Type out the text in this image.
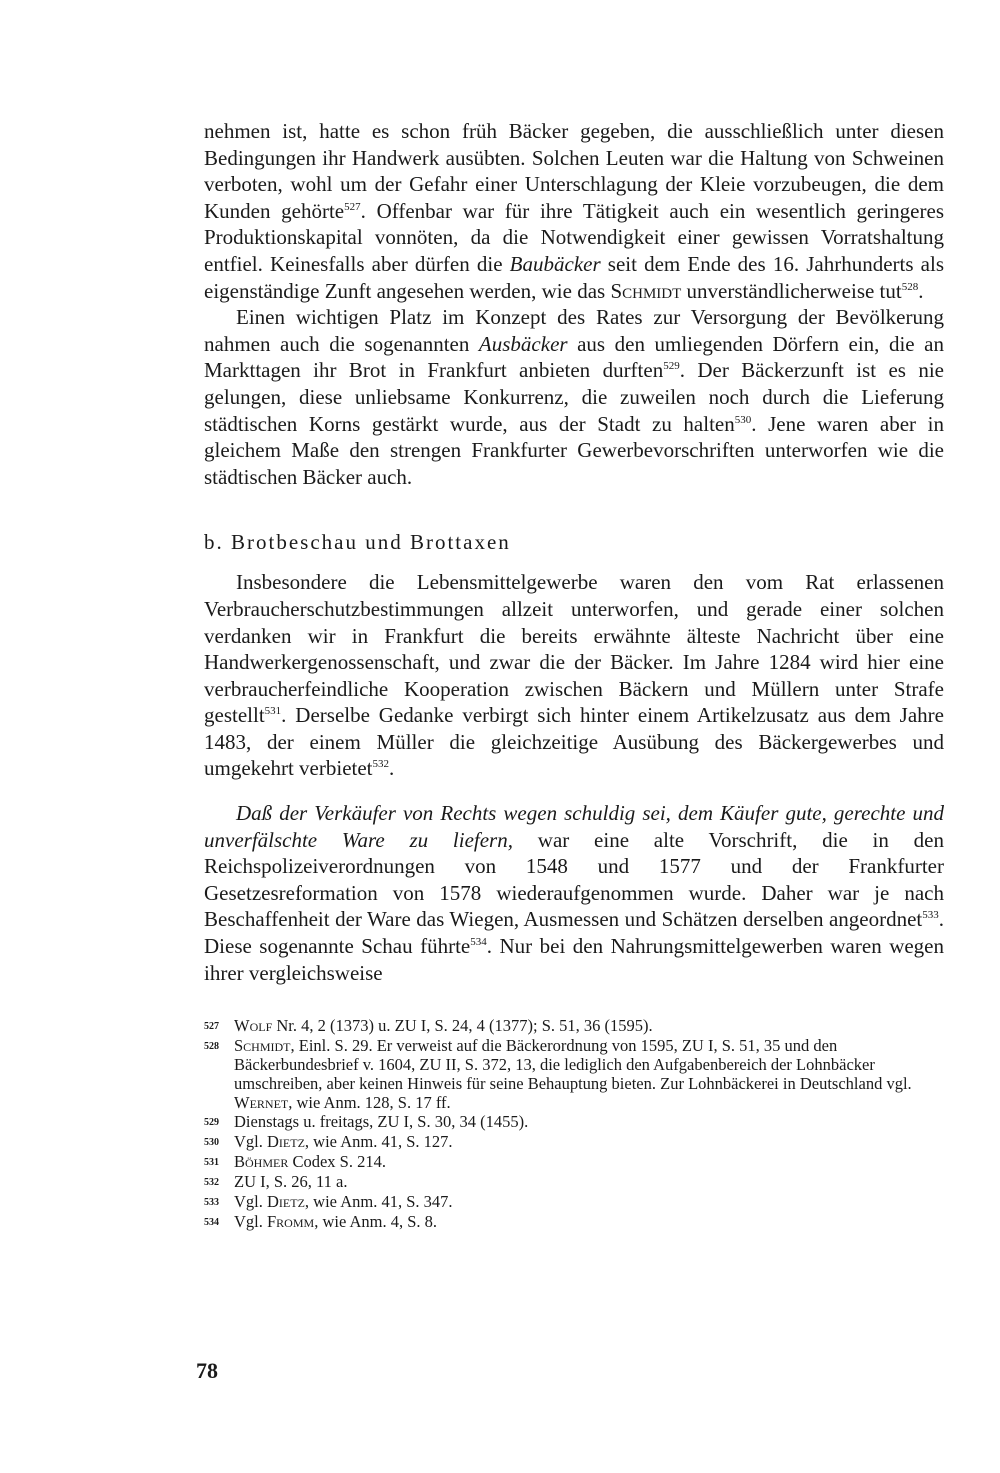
nehmen ist, hatte es schon früh Bäcker gegeben, die ausschließlich unter diesen Bedingungen ihr Handwerk ausübten. Solchen Leuten war die Haltung von Schweinen verboten, wohl um der Gefahr einer Unterschlagung der Kleie vorzubeugen, die dem Kunden gehörte$^{527}$. Offenbar war für ihre Tätigkeit auch ein wesentlich geringeres Produktionskapital vonnöten, da die Notwendigkeit einer gewissen Vorratshaltung entfiel. Keinesfalls aber dürfen die Baubäcker seit dem Ende des 16. Jahrhunderts als eigenständige Zunft angesehen werden, wie das Schmidt unverständlicherweise tut$^{528}$.

Einen wichtigen Platz im Konzept des Rates zur Versorgung der Bevölkerung nahmen auch die sogenannten Ausbäcker aus den umliegenden Dörfern ein, die an Markttagen ihr Brot in Frankfurt anbieten durften$^{529}$. Der Bäckerzunft ist es nie gelungen, diese unliebsame Konkurrenz, die zuweilen noch durch die Lieferung städtischen Korns gestärkt wurde, aus der Stadt zu halten$^{530}$. Jene waren aber in gleichem Maße den strengen Frankfurter Gewerbevorschriften unterworfen wie die städtischen Bäcker auch.

b. Brotbeschau und Brottaxen

Insbesondere die Lebensmittelgewerbe waren den vom Rat erlassenen Verbraucherschutzbestimmungen allzeit unterworfen, und gerade einer solchen verdanken wir in Frankfurt die bereits erwähnte älteste Nachricht über eine Handwerkergenossenschaft, und zwar die der Bäcker. Im Jahre 1284 wird hier eine verbraucherfeindliche Kooperation zwischen Bäckern und Müllern unter Strafe gestellt$^{531}$. Derselbe Gedanke verbirgt sich hinter einem Artikelzusatz aus dem Jahre 1483, der einem Müller die gleichzeitige Ausübung des Bäckergewerbes und umgekehrt verbietet$^{532}$.

Daß der Verkäufer von Rechts wegen schuldig sei, dem Käufer gute, gerechte und unverfälschte Ware zu liefern, war eine alte Vorschrift, die in den Reichspolizeiverordnungen von 1548 und 1577 und der Frankfurter Gesetzesreformation von 1578 wiederaufgenommen wurde. Daher war je nach Beschaffenheit der Ware das Wiegen, Ausmessen und Schätzen derselben angeordnet$^{533}$. Diese sogenannte Schau führte$^{534}$. Nur bei den Nahrungsmittelgewerben waren wegen ihrer vergleichsweise

527 Wolf Nr. 4, 2 (1373) u. ZU I, S. 24, 4 (1377); S. 51, 36 (1595).
528 Schmidt, Einl. S. 29. Er verweist auf die Bäckerordnung von 1595, ZU I, S. 51, 35 und den Bäckerbundesbrief v. 1604, ZU II, S. 372, 13, die lediglich den Aufgabenbereich der Lohnbäcker umschreiben, aber keinen Hinweis für seine Behauptung bieten. Zur Lohnbäckerei in Deutschland vgl. Wernet, wie Anm. 128, S. 17 ff.
529 Dienstags u. freitags, ZU I, S. 30, 34 (1455).
530 Vgl. Dietz, wie Anm. 41, S. 127.
531 Böhmer Codex S. 214.
532 ZU I, S. 26, 11 a.
533 Vgl. Dietz, wie Anm. 41, S. 347.
534 Vgl. Fromm, wie Anm. 4, S. 8.
78
